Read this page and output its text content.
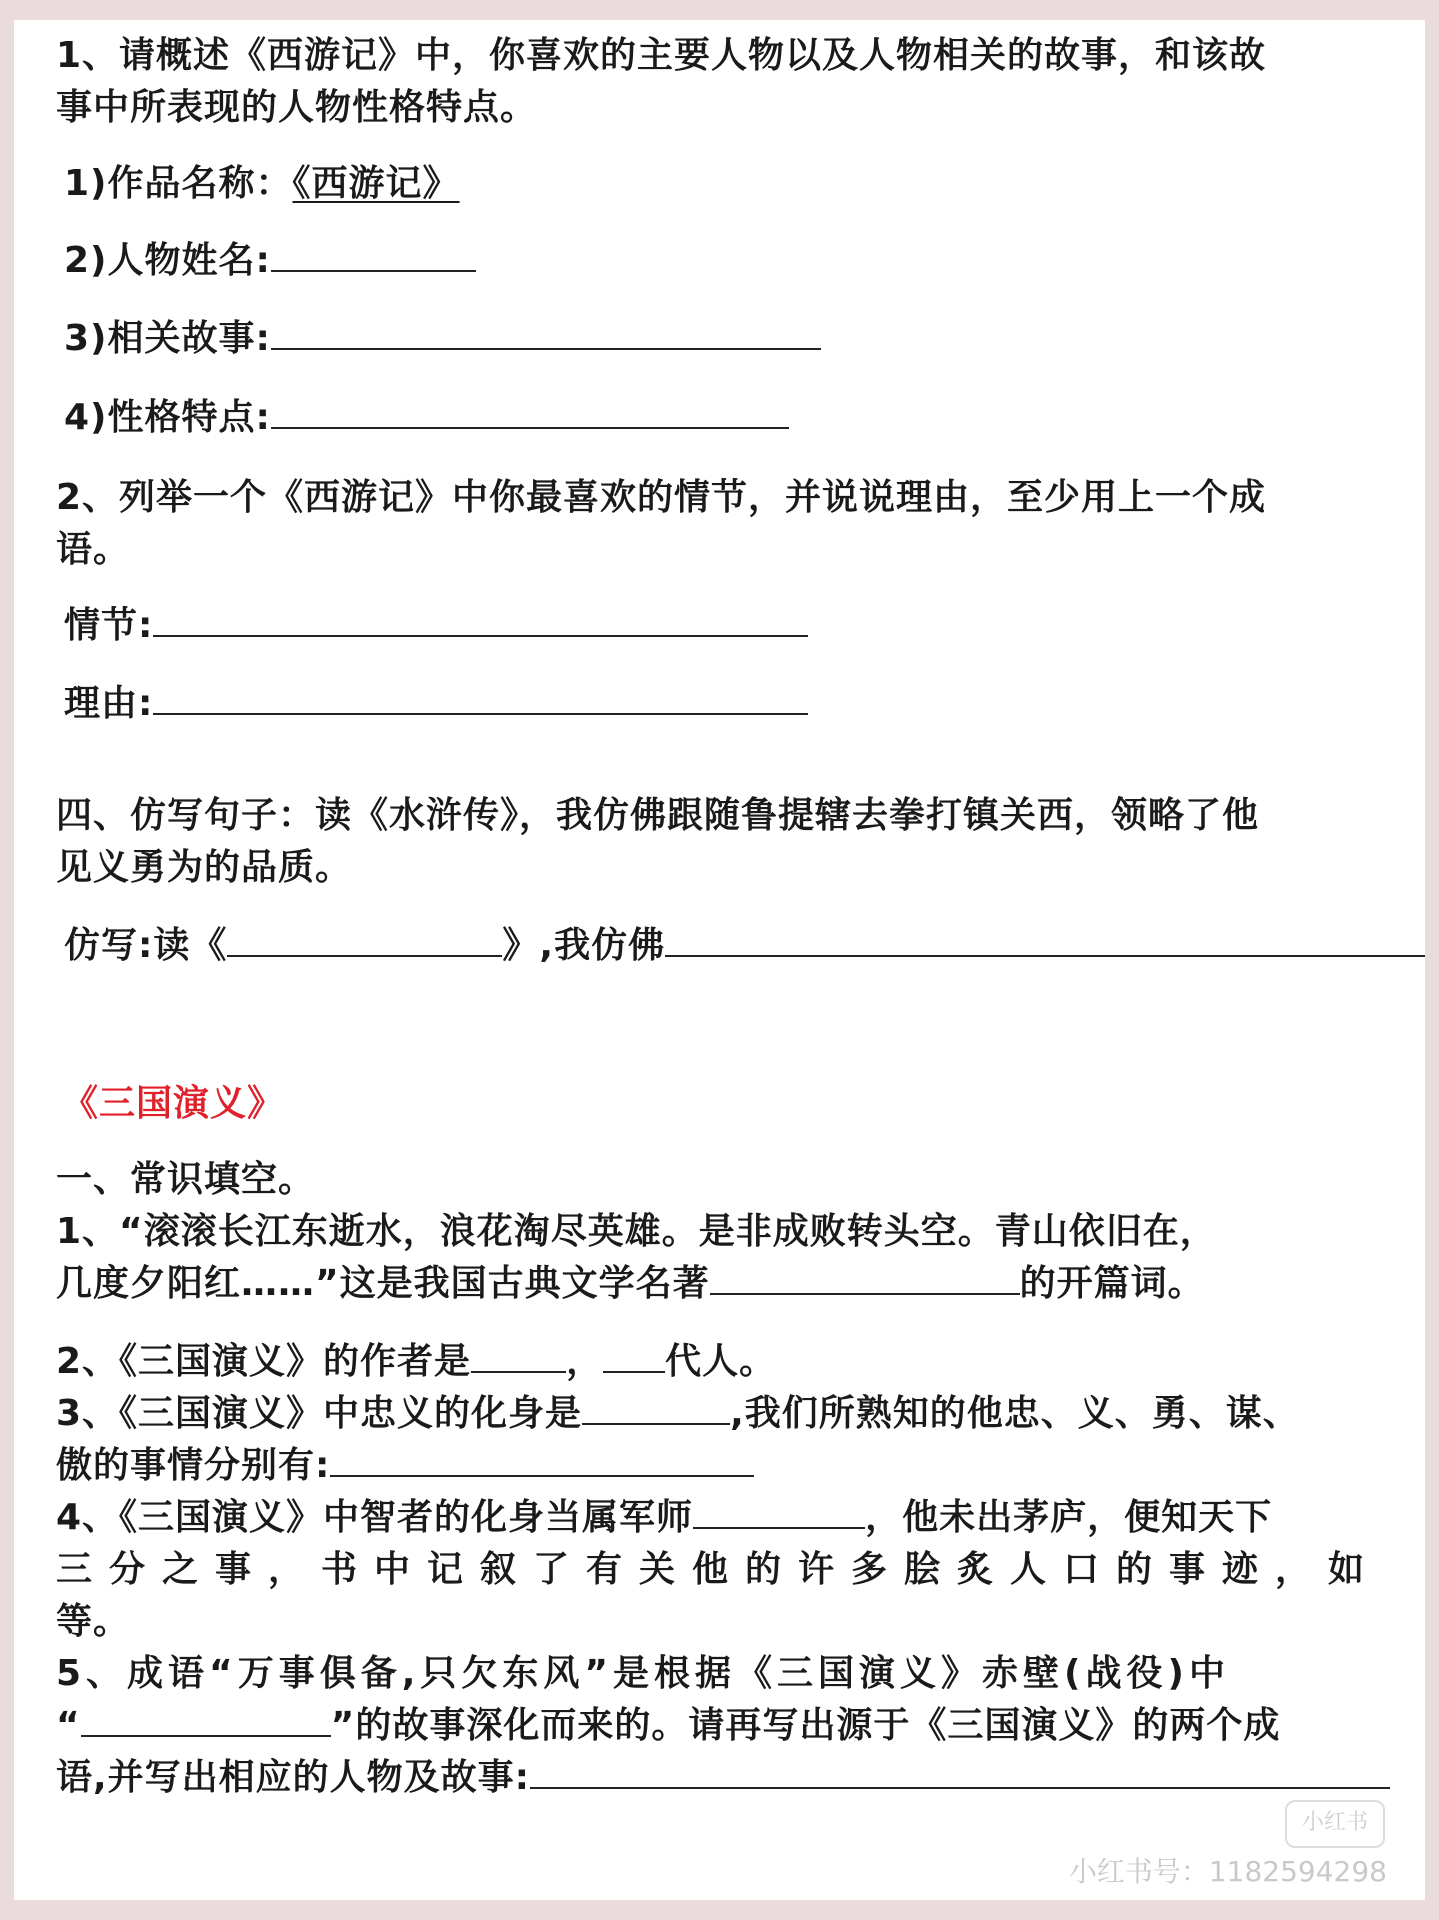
1、请概述《西游记》中，你喜欢的主要人物以及人物相关的故事，和该故
事中所表现的人物性格特点。
1)作品名称：《西游记》
2)人物姓名:
3)相关故事:
4)性格特点:
2、列举一个《西游记》中你最喜欢的情节，并说说理由，至少用上一个成
语。
情节:
理由:
四、仿写句子：读《水浒传》，我仿佛跟随鲁提辖去拳打镇关西，领略了他
见义勇为的品质。
仿写:读《	》,我仿佛
《三国演义》
一、常识填空。
1、“滚滚长江东逝水，浪花淘尽英雄。是非成败转头空。青山依旧在，
几度夕阳红……”这是我国古典文学名著	的开篇词。
2、《三国演义》的作者是	， 代人。
3、《三国演义》中忠义的化身是	,我们所熟知的他忠、义、勇、谋、
傲的事情分别有:
4、《三国演义》中智者的化身当属军师	，他未出茅庐，便知天下
三分之事，书中记叙了有关他的许多脍炙人口的事迹，如
等。
5、成语“万事俱备,只欠东风”是根据《三国演义》赤壁(战役)中
“	”的故事深化而来的。请再写出源于《三国演义》的两个成
语,并写出相应的人物及故事:
小红书
小红书号：1182594298
